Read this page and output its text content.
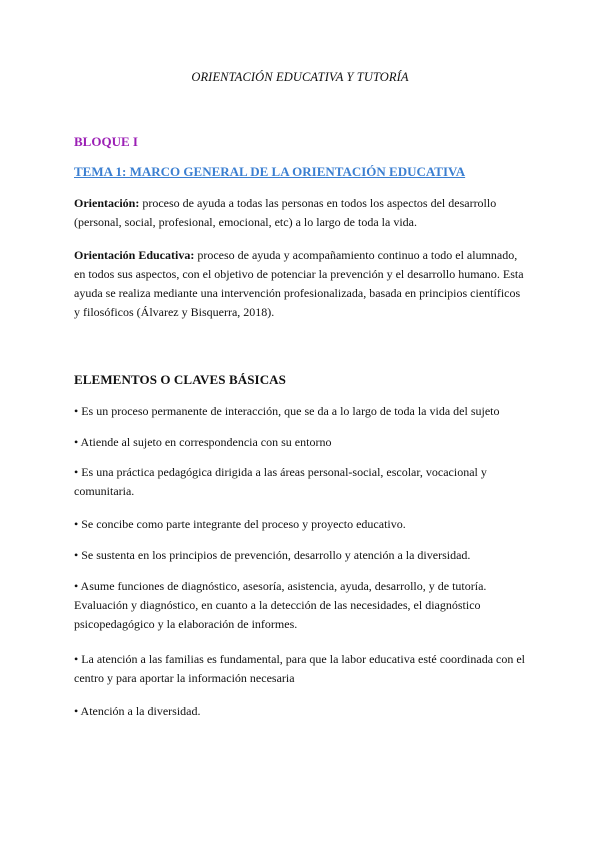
ORIENTACIÓN EDUCATIVA Y TUTORÍA
BLOQUE I
TEMA 1: MARCO GENERAL DE LA ORIENTACIÓN EDUCATIVA

Orientación: proceso de ayuda a todas las personas en todos los aspectos del desarrollo (personal, social, profesional, emocional, etc) a lo largo de toda la vida.

Orientación Educativa: proceso de ayuda y acompañamiento continuo a todo el alumnado, en todos sus aspectos, con el objetivo de potenciar la prevención y el desarrollo humano. Esta ayuda se realiza mediante una intervención profesionalizada, basada en principios científicos y filosóficos (Álvarez y Bisquerra, 2018).

ELEMENTOS O CLAVES BÁSICAS

• Es un proceso permanente de interacción, que se da a lo largo de toda la vida del sujeto

• Atiende al sujeto en correspondencia con su entorno

• Es una práctica pedagógica dirigida a las áreas personal-social, escolar, vocacional y comunitaria.

• Se concibe como parte integrante del proceso y proyecto educativo.

• Se sustenta en los principios de prevención, desarrollo y atención a la diversidad.

• Asume funciones de diagnóstico, asesoría, asistencia, ayuda, desarrollo, y de tutoría. Evaluación y diagnóstico, en cuanto a la detección de las necesidades, el diagnóstico psicopedagógico y la elaboración de informes.

• La atención a las familias es fundamental, para que la labor educativa esté coordinada con el centro y para aportar la información necesaria

• Atención a la diversidad.
